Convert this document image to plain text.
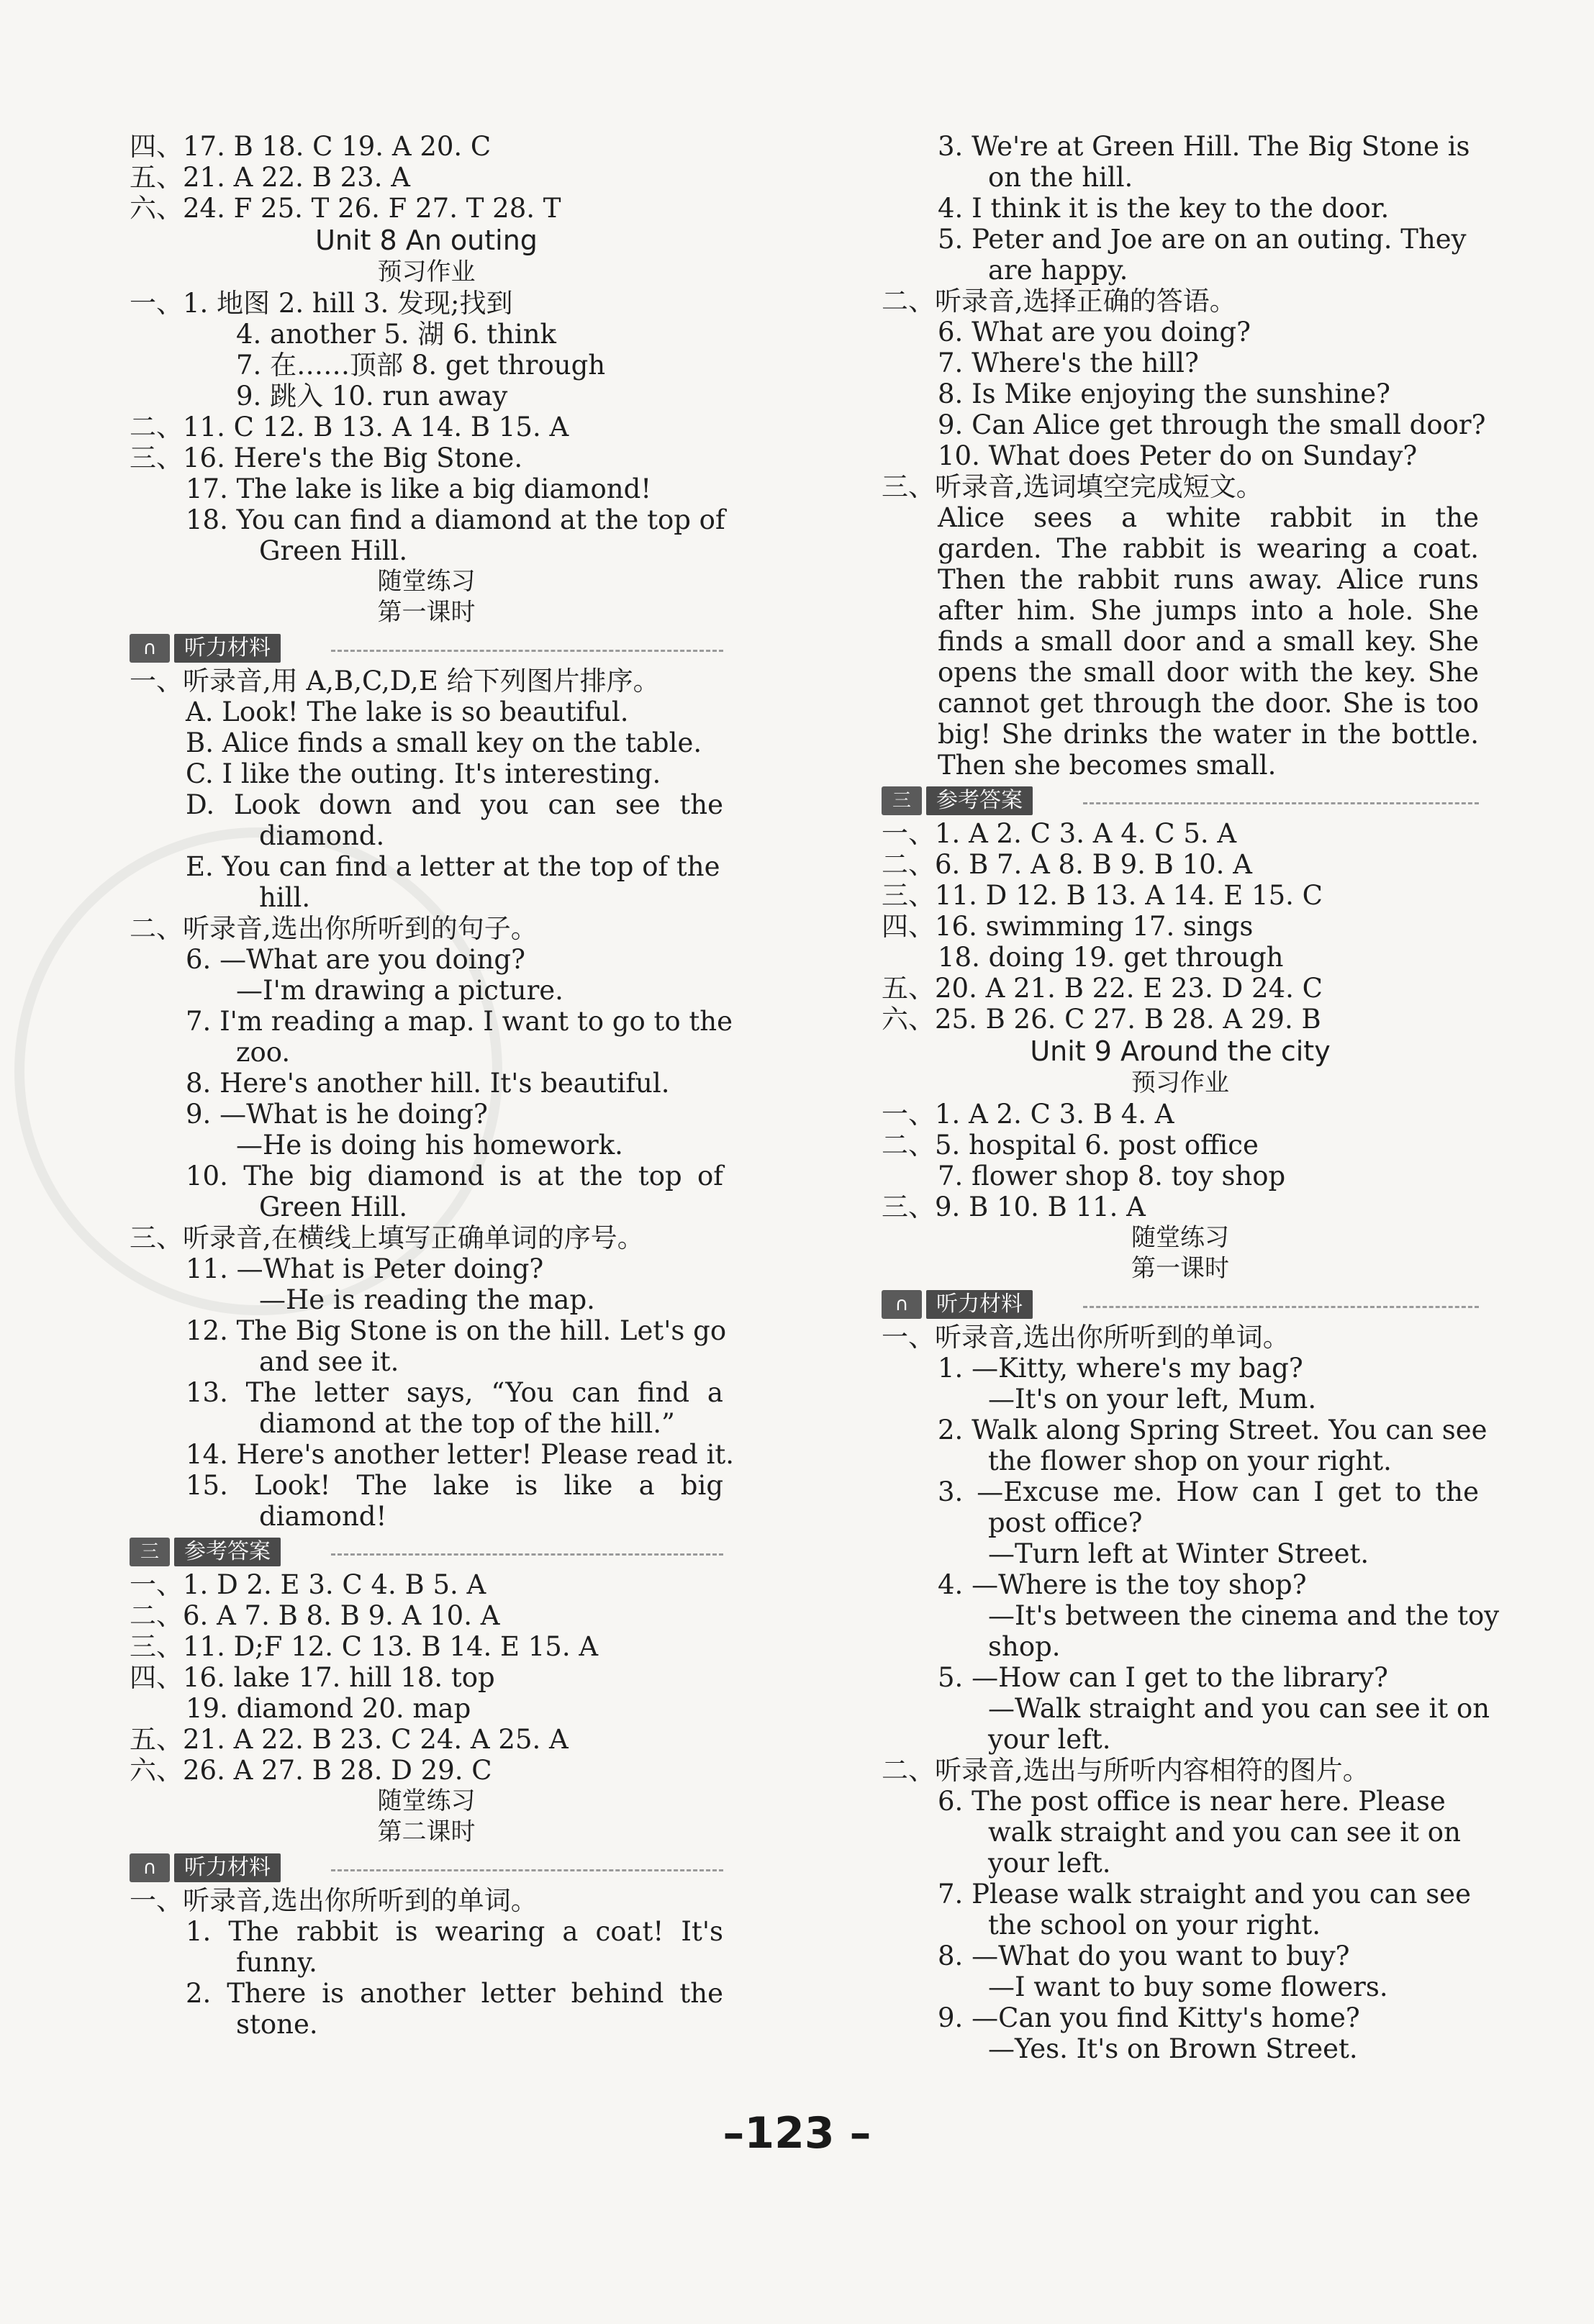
四、17. B 18. C 19. A 20. C
五、21. A 22. B 23. A
六、24. F 25. T 26. F 27. T 28. T
Unit 8 An outing
预习作业
一、1. 地图 2. hill 3. 发现;找到
4. another 5. 湖 6. think
7. 在……顶部 8. get through
9. 跳入 10. run away
二、11. C 12. B 13. A 14. B 15. A
三、16. Here's the Big Stone.
17. The lake is like a big diamond!
18. You can find a diamond at the top of
Green Hill.
随堂练习
第一课时
∩	听力材料
一、听录音,用 A,B,C,D,E 给下列图片排序。
A. Look! The lake is so beautiful.
B. Alice finds a small key on the table.
C. I like the outing. It's interesting.
D. Look down and you can see the
diamond.
E. You can find a letter at the top of the
hill.
二、听录音,选出你所听到的句子。
6. —What are you doing?
—I'm drawing a picture.
7. I'm reading a map. I want to go to the
zoo.
8. Here's another hill. It's beautiful.
9. —What is he doing?
—He is doing his homework.
10. The big diamond is at the top of
Green Hill.
三、听录音,在横线上填写正确单词的序号。
11. —What is Peter doing?
—He is reading the map.
12. The Big Stone is on the hill. Let's go
and see it.
13. The letter says, “You can find a
diamond at the top of the hill.”
14. Here's another letter! Please read it.
15. Look! The lake is like a big
diamond!
三	参考答案
一、1. D 2. E 3. C 4. B 5. A
二、6. A 7. B 8. B 9. A 10. A
三、11. D;F 12. C 13. B 14. E 15. A
四、16. lake 17. hill 18. top
19. diamond 20. map
五、21. A 22. B 23. C 24. A 25. A
六、26. A 27. B 28. D 29. C
随堂练习
第二课时
∩	听力材料
一、听录音,选出你所听到的单词。
1. The rabbit is wearing a coat! It's
funny.
2. There is another letter behind the
stone.
3. We're at Green Hill. The Big Stone is
on the hill.
4. I think it is the key to the door.
5. Peter and Joe are on an outing. They
are happy.
二、听录音,选择正确的答语。
6. What are you doing?
7. Where's the hill?
8. Is Mike enjoying the sunshine?
9. Can Alice get through the small door?
10. What does Peter do on Sunday?
三、听录音,选词填空完成短文。
Alice sees a white rabbit in the
garden. The rabbit is wearing a coat.
Then the rabbit runs away. Alice runs
after him. She jumps into a hole. She
finds a small door and a small key. She
opens the small door with the key. She
cannot get through the door. She is too
big! She drinks the water in the bottle.
Then she becomes small.
三	参考答案
一、1. A 2. C 3. A 4. C 5. A
二、6. B 7. A 8. B 9. B 10. A
三、11. D 12. B 13. A 14. E 15. C
四、16. swimming 17. sings
18. doing 19. get through
五、20. A 21. B 22. E 23. D 24. C
六、25. B 26. C 27. B 28. A 29. B
Unit 9 Around the city
预习作业
一、1. A 2. C 3. B 4. A
二、5. hospital 6. post office
7. flower shop 8. toy shop
三、9. B 10. B 11. A
随堂练习
第一课时
∩	听力材料
一、听录音,选出你所听到的单词。
1. —Kitty, where's my bag?
—It's on your left, Mum.
2. Walk along Spring Street. You can see
the flower shop on your right.
3. —Excuse me. How can I get to the
post office?
—Turn left at Winter Street.
4. —Where is the toy shop?
—It's between the cinema and the toy
shop.
5. —How can I get to the library?
—Walk straight and you can see it on
your left.
二、听录音,选出与所听内容相符的图片。
6. The post office is near here. Please
walk straight and you can see it on
your left.
7. Please walk straight and you can see
the school on your right.
8. —What do you want to buy?
—I want to buy some flowers.
9. —Can you find Kitty's home?
—Yes. It's on Brown Street.
–123 –
